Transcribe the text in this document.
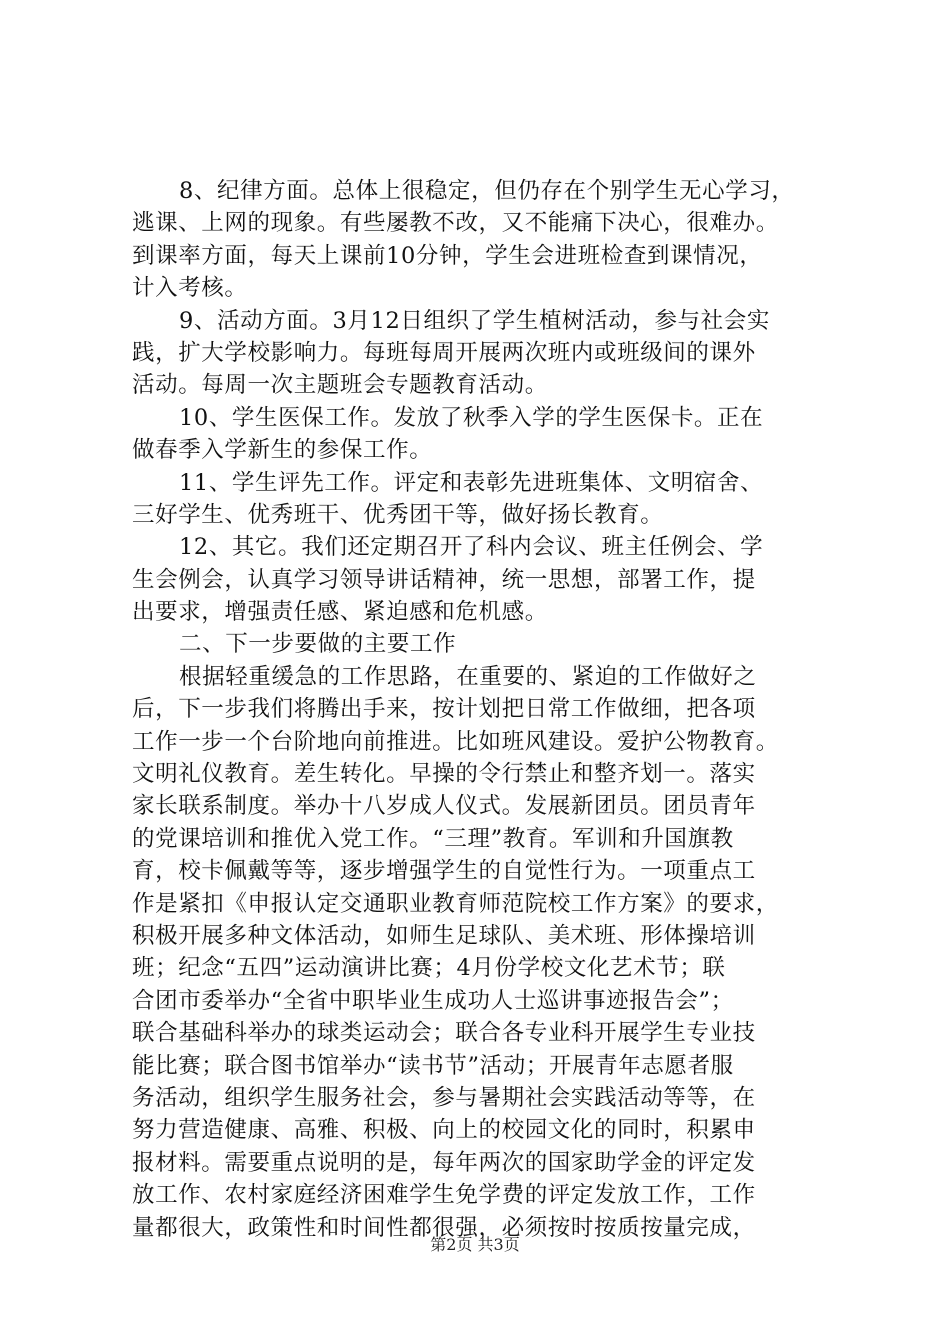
8、纪律方面。总体上很稳定，但仍存在个别学生无心学习，
逃课、上网的现象。有些屡教不改，又不能痛下决心，很难办。
到课率方面，每天上课前10分钟，学生会进班检查到课情况，
计入考核。
9、活动方面。3月12日组织了学生植树活动，参与社会实
践，扩大学校影响力。每班每周开展两次班内或班级间的课外
活动。每周一次主题班会专题教育活动。
10、学生医保工作。发放了秋季入学的学生医保卡。正在
做春季入学新生的参保工作。
11、学生评先工作。评定和表彰先进班集体、文明宿舍、
三好学生、优秀班干、优秀团干等，做好扬长教育。
12、其它。我们还定期召开了科内会议、班主任例会、学
生会例会，认真学习领导讲话精神，统一思想，部署工作，提
出要求，增强责任感、紧迫感和危机感。
二、下一步要做的主要工作
根据轻重缓急的工作思路，在重要的、紧迫的工作做好之
后，下一步我们将腾出手来，按计划把日常工作做细，把各项
工作一步一个台阶地向前推进。比如班风建设。爱护公物教育。
文明礼仪教育。差生转化。早操的令行禁止和整齐划一。落实
家长联系制度。举办十八岁成人仪式。发展新团员。团员青年
的党课培训和推优入党工作。“三理”教育。军训和升国旗教
育，校卡佩戴等等，逐步增强学生的自觉性行为。一项重点工
作是紧扣《申报认定交通职业教育师范院校工作方案》的要求，
积极开展多种文体活动，如师生足球队、美术班、形体操培训
班；纪念“五四”运动演讲比赛；4月份学校文化艺术节；联
合团市委举办“全省中职毕业生成功人士巡讲事迹报告会”；
联合基础科举办的球类运动会；联合各专业科开展学生专业技
能比赛；联合图书馆举办“读书节”活动；开展青年志愿者服
务活动，组织学生服务社会，参与暑期社会实践活动等等，在
努力营造健康、高雅、积极、向上的校园文化的同时，积累申
报材料。需要重点说明的是，每年两次的国家助学金的评定发
放工作、农村家庭经济困难学生免学费的评定发放工作，工作
量都很大，政策性和时间性都很强，必须按时按质按量完成，
第2页 共3页
